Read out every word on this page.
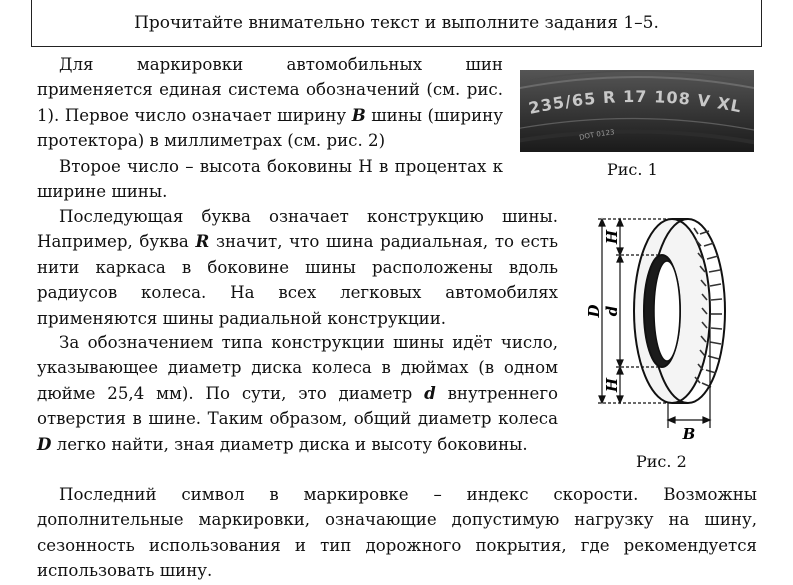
Прочитайте внимательно текст и выполните задания 1–5.

Для маркировки автомобильных шин применяется единая система обозначений (см. рис. 1). Первое число означает ширину B шины (ширину протектора) в миллиметрах (см. рис. 2)

Второе число – высота боковины H в процентах к ширине шины.

Последующая буква означает конструкцию шины. Например, буква R значит, что шина радиальная, то есть нити каркаса в боковине шины расположены вдоль радиусов колеса. На всех легковых автомобилях применяются шины радиальной конструкции.

За обозначением типа конструкции шины идёт число, указывающее диаметр диска колеса в дюймах (в одном дюйме 25,4 мм). По сути, это диаметр d внутреннего отверстия в шине. Таким образом, общий диаметр колеса D легко найти, зная диаметр диска и высоту боковины.

Последний символ в маркировке – индекс скорости. Возможны дополнительные маркировки, означающие допустимую нагрузку на шину, сезонность использования и тип дорожного покрытия, где рекомендуется использовать шину.

235/65 R 17 108 V XL
DOT 0123
Рис. 1
D d
H
H
B
Рис. 2
